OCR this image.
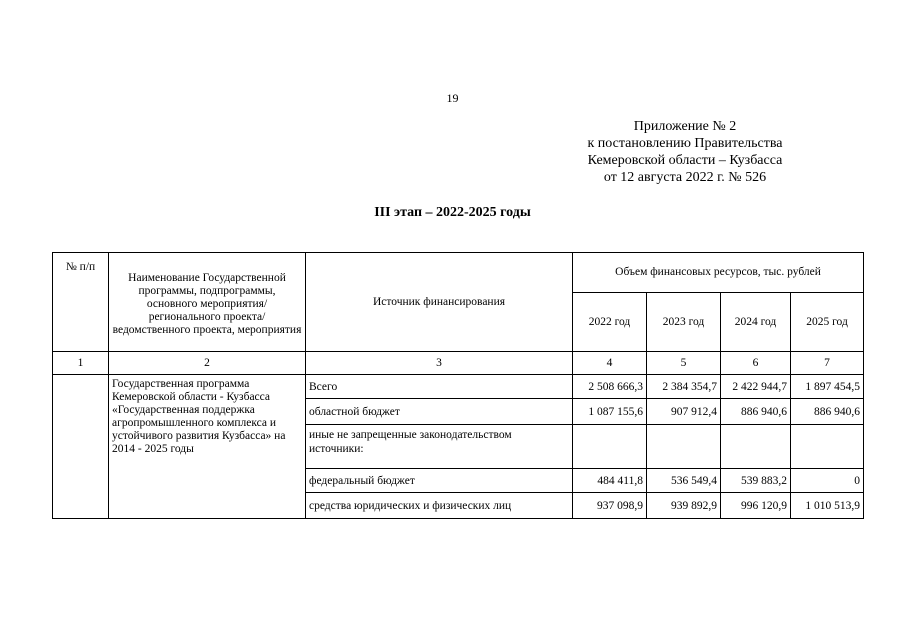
19
Приложение № 2
к постановлению Правительства
Кемеровской области – Кузбасса
от 12 августа 2022 г. № 526
III этап – 2022-2025 годы
№ п/п	Наименование Государственной программы, подпрограммы, основного мероприятия/регионального проекта/ведомственного проекта, мероприятия	Источник финансирования	Объем финансовых ресурсов, тыс. рублей			
			2022 год	2023 год	2024 год	2025 год
1	2	3	4	5	6	7
	Государственная программа Кемеровской области - Кузбасса «Государственная поддержка агропромышленного комплекса и устойчивого развития Кузбасса» на 2014 - 2025 годы	Всего	2 508 666,3	2 384 354,7	2 422 944,7	1 897 454,5
		областной бюджет	1 087 155,6	907 912,4	886 940,6	886 940,6
		иные не запрещенные законодательством источники:				
		федеральный бюджет	484 411,8	536 549,4	539 883,2	0
		средства юридических и физических лиц	937 098,9	939 892,9	996 120,9	1 010 513,9
